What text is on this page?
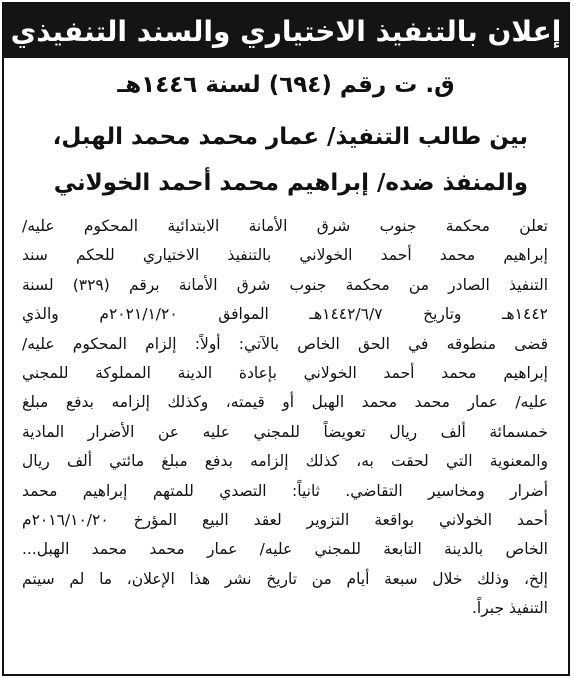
إعلان بالتنفيذ الاختياري والسند التنفيذي
ق. ت رقم (٦٩٤) لسنة ١٤٤٦هـ
بين طالب التنفيذ/ عمار محمد محمد الهبل،
والمنفذ ضده/ إبراهيم محمد أحمد الخولاني
تعلن محكمة جنوب شرق الأمانة الابتدائية المحكوم عليه/
إبراهيم محمد أحمد الخولاني بالتنفيذ الاختياري للحكم سند
التنفيذ الصادر من محكمة جنوب شرق الأمانة برقم (٣٢٩) لسنة
١٤٤٢هـ وتاريخ ١٤٤٢/٦/٧هـ الموافق ٢٠٢١/١/٢٠م والذي
قضى منطوقه في الحق الخاص بالآتي: أولاً: إلزام المحكوم عليه/
إبراهيم محمد أحمد الخولاني بإعادة الدينة المملوكة للمجني
عليه/ عمار محمد محمد الهبل أو قيمته، وكذلك إلزامه بدفع مبلغ
خمسمائة ألف ريال تعويضاً للمجني عليه عن الأضرار المادية
والمعنوية التي لحقت به، كذلك إلزامه بدفع مبلغ مائتي ألف ريال
أضرار ومخاسير التقاضي. ثانياً: التصدي للمتهم إبراهيم محمد
أحمد الخولاني بواقعة التزوير لعقد البيع المؤرخ ٢٠١٦/١٠/٢٠م
الخاص بالدينة التابعة للمجني عليه/ عمار محمد محمد الهبل...
إلخ، وذلك خلال سبعة أيام من تاريخ نشر هذا الإعلان، ما لم سيتم
التنفيذ جبراً.
